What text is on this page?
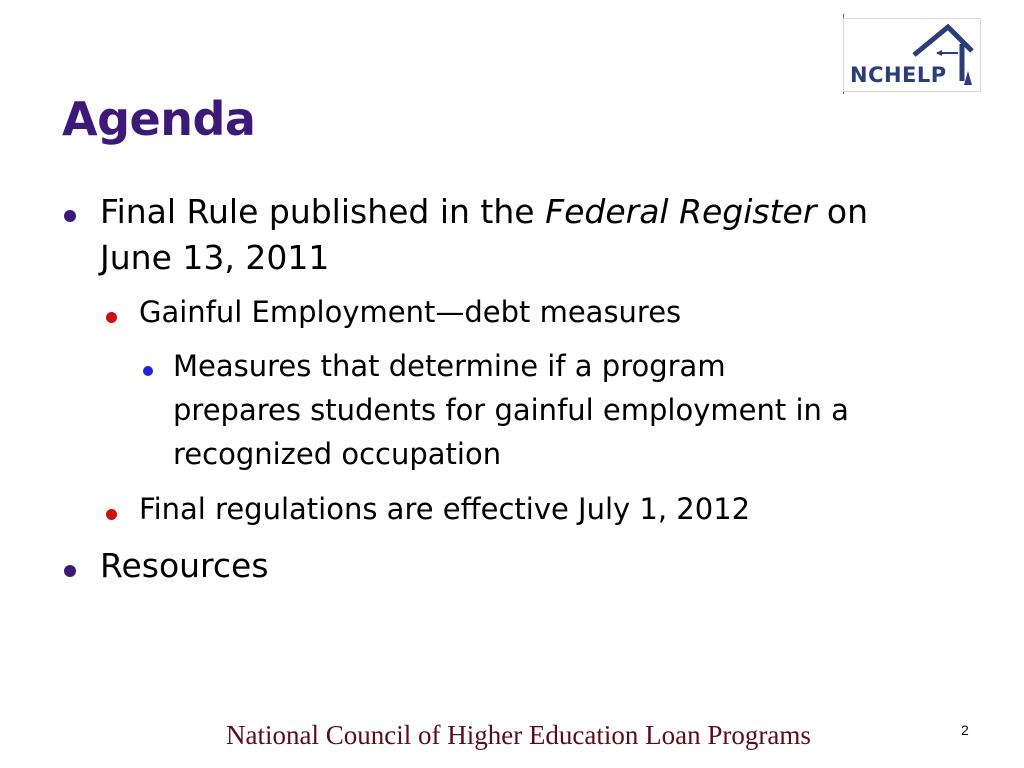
NCHELP
Agenda
Final Rule published in the Federal Register on
June 13, 2011
Gainful Employment—debt measures
Measures that determine if a program
prepares students for gainful employment in a
recognized occupation
Final regulations are effective July 1, 2012
Resources
National Council of Higher Education Loan Programs	2
